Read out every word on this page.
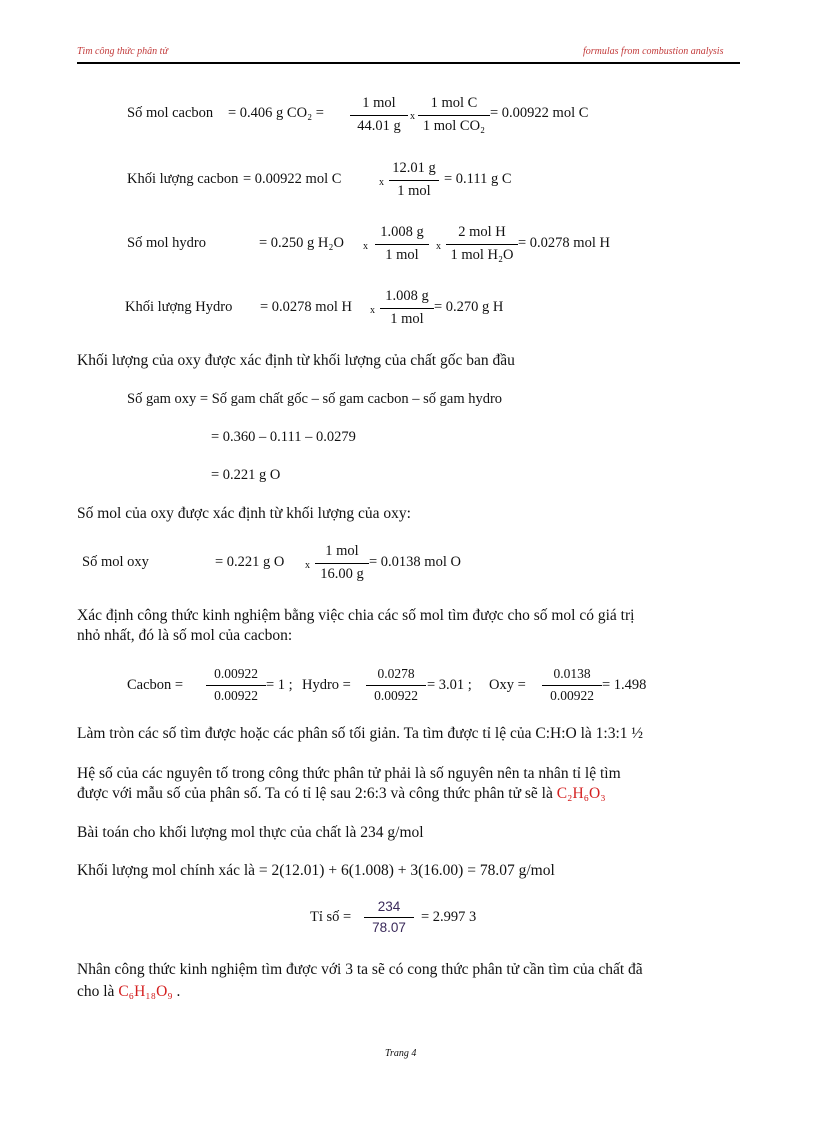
Tìm công thức phân tử	formulas from combustion analysis
Số mol cacbon = 0.406 g CO₂ =
1 mol
44.01 g
x
1 mol C
1 mol CO₂
= 0.00922 mol C
Khối lượng cacbon = 0.00922 mol C	x
12.01 g
1 mol
= 0.111 g C
Số mol hydro	= 0.250 g H₂O x
1.008 g
1 mol
x
2 mol H
1 mol H₂O
= 0.0278 mol H
Khối lượng Hydro = 0.0278 mol H x
1.008 g
1 mol
= 0.270 g H
Khối lượng của oxy được xác định từ khối lượng của chất gốc ban đầu
Số gam oxy = Số gam chất gốc – số gam cacbon – số gam hydro
= 0.360 – 0.111 – 0.0279
= 0.221 g O
Số mol của oxy được xác định từ khối lượng của oxy:
Số mol oxy	= 0.221 g O x
1 mol
16.00 g
= 0.0138 mol O
Xác định công thức kinh nghiệm bằng việc chia các số mol tìm được cho số mol có giá trị
nhỏ nhất, đó là số mol của cacbon:
Cacbon = $\frac{0.00922}{0.00922} = 1$ ; Hydro = $\frac{0.0278}{0.00922} = 3.01$ ; Oxy = $\frac{0.0138}{0.00922} = 1.498$
Làm tròn các số tìm được hoặc các phân số tối giản. Ta tìm được tỉ lệ của C:H:O là 1:3:1 ½
Hệ số của các nguyên tố trong công thức phân tử phải là số nguyên nên ta nhân tỉ lệ tìm
được với mẫu số của phân số. Ta có tỉ lệ sau 2:6:3 và công thức phân tử sẽ là C₂H₆O₃
Bài toán cho khối lượng mol thực của chất là 234 g/mol
Khối lượng mol chính xác là = 2(12.01) + 6(1.008) + 3(16.00) = 78.07 g/mol
Tỉ số = $\frac{234}{78.07} = 2.997$ 3
Nhân công thức kinh nghiệm tìm được với 3 ta sẽ có cong thức phân tử cần tìm của chất đã
cho là C₆H₁₈O₉ .
Trang 4
